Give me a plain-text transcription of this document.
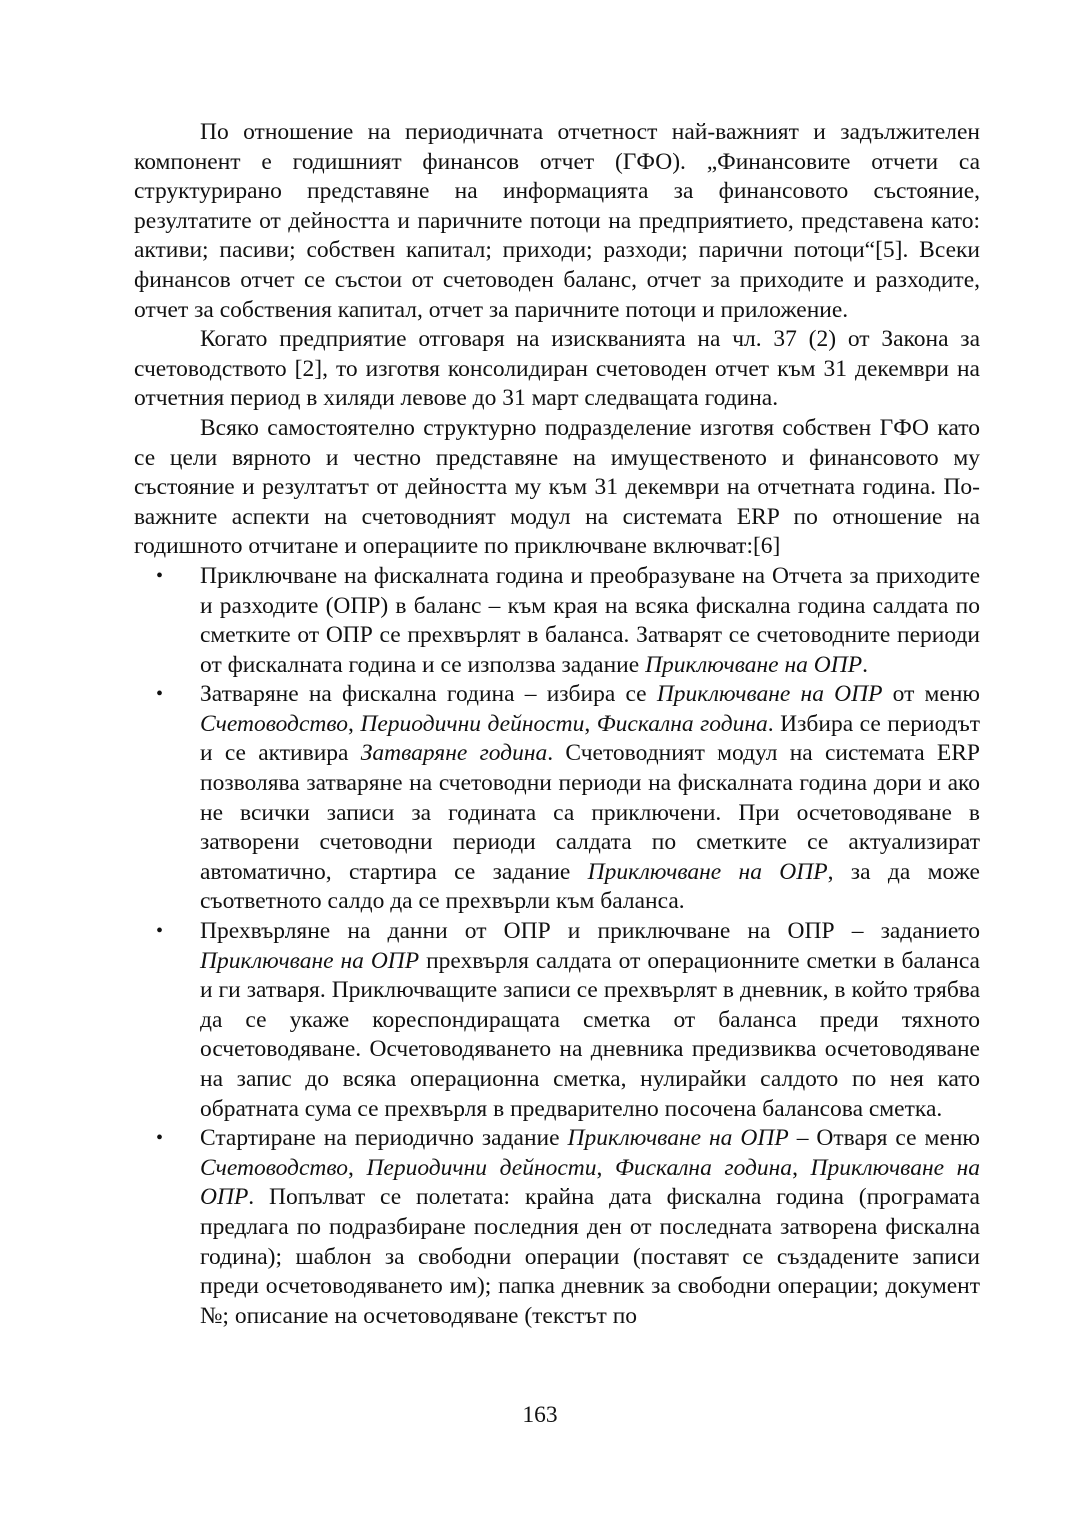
По отношение на периодичната отчетност най-важният и задължителен компонент е годишният финансов отчет (ГФО). „Финансовите отчети са структурирано представяне на информацията за финансовото състояние, резултатите от дейността и паричните потоци на предприятието, представена като: активи; пасиви; собствен капитал; приходи; разходи; парични потоци“[5]. Всеки финансов отчет се състои от счетоводен баланс, отчет за приходите и разходите, отчет за собствения капитал, отчет за паричните потоци и приложение.

Когато предприятие отговаря на изискванията на чл. 37 (2) от Закона за счетоводството [2], то изготвя консолидиран счетоводен отчет към 31 декември на отчетния период в хиляди левове до 31 март следващата година.

Всяко самостоятелно структурно подразделение изготвя собствен ГФО като се цели вярното и честно представяне на имущественото и финансовото му състояние и резултатът от дейността му към 31 декември на отчетната година. По-важните аспекти на счетоводният модул на системата ERP по отношение на годишното отчитане и операциите по приключване включват:[6]

• Приключване на фискалната година и преобразуване на Отчета за приходите и разходите (ОПР) в баланс – към края на всяка фискална година салдата по сметките от ОПР се прехвърлят в баланса. Затварят се счетоводните периоди от фискалната година и се използва задание Приключване на ОПР.
• Затваряне на фискална година – избира се Приключване на ОПР от меню Счетоводство, Периодични дейности, Фискална година. Избира се периодът и се активира Затваряне година. Счетоводният модул на системата ERP позволява затваряне на счетоводни периоди на фискалната година дори и ако не всички записи за годината са приключени. При осчетоводяване в затворени счетоводни периоди салдата по сметките се актуализират автоматично, стартира се задание Приключване на ОПР, за да може съответното салдо да се прехвърли към баланса.
• Прехвърляне на данни от ОПР и приключване на ОПР – заданието Приключване на ОПР прехвърля салдата от операционните сметки в баланса и ги затваря. Приключващите записи се прехвърлят в дневник, в който трябва да се укаже кореспондиращата сметка от баланса преди тяхното осчетоводяване. Осчетоводяването на дневника предизвиква осчетоводяване на запис до всяка операционна сметка, нулирайки салдото по нея като обратната сума се прехвърля в предварително посочена балансова сметка.
• Стартиране на периодично задание Приключване на ОПР – Отваря се меню Счетоводство, Периодични дейности, Фискална година, Приключване на ОПР. Попълват се полетата: крайна дата фискална година (програмата предлага по подразбиране последния ден от последната затворена фискална година); шаблон за свободни операции (поставят се създадените записи преди осчетоводяването им); папка дневник за свободни операции; документ №; описание на осчетоводяване (текстът по
163
